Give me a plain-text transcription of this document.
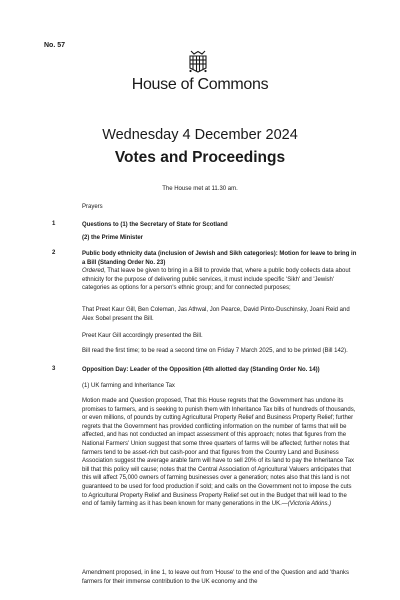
No. 57
House of Commons
Wednesday 4 December 2024
Votes and Proceedings
The House met at 11.30 am.

Prayers

1	Questions to (1) the Secretary of State for Scotland

(2) the Prime Minister

2	Public body ethnicity data (inclusion of Jewish and Sikh categories): Motion for leave to bring in a Bill (Standing Order No. 23)

Ordered, That leave be given to bring in a Bill to provide that, where a public body collects data about ethnicity for the purpose of delivering public services, it must include specific 'Sikh' and 'Jewish' categories as options for a person's ethnic group; and for connected purposes;

That Preet Kaur Gill, Ben Coleman, Jas Athwal, Jon Pearce, David Pinto-Duschinsky, Joani Reid and Alex Sobel present the Bill.

Preet Kaur Gill accordingly presented the Bill.

Bill read the first time; to be read a second time on Friday 7 March 2025, and to be printed (Bill 142).

3	Opposition Day: Leader of the Opposition (4th allotted day (Standing Order No. 14))

(1) UK farming and Inheritance Tax

Motion made and Question proposed, That this House regrets that the Government has undone its promises to farmers, and is seeking to punish them with Inheritance Tax bills of hundreds of thousands, or even millions, of pounds by cutting Agricultural Property Relief and Business Property Relief; further regrets that the Government has provided conflicting information on the number of farms that will be affected, and has not conducted an impact assessment of this approach; notes that figures from the National Farmers' Union suggest that some three quarters of farms will be affected; further notes that farmers tend to be asset-rich but cash-poor and that figures from the Country Land and Business Association suggest the average arable farm will have to sell 20% of its land to pay the Inheritance Tax bill that this policy will cause; notes that the Central Association of Agricultural Valuers anticipates that this will affect 75,000 owners of farming businesses over a generation; notes also that this land is not guaranteed to be used for food production if sold; and calls on the Government not to impose the cuts to Agricultural Property Relief and Business Property Relief set out in the Budget that will lead to the end of family farming as it has been known for many generations in the UK.—(Victoria Atkins.)

Amendment proposed, in line 1, to leave out from 'House' to the end of the Question and add 'thanks farmers for their immense contribution to the UK economy and the
